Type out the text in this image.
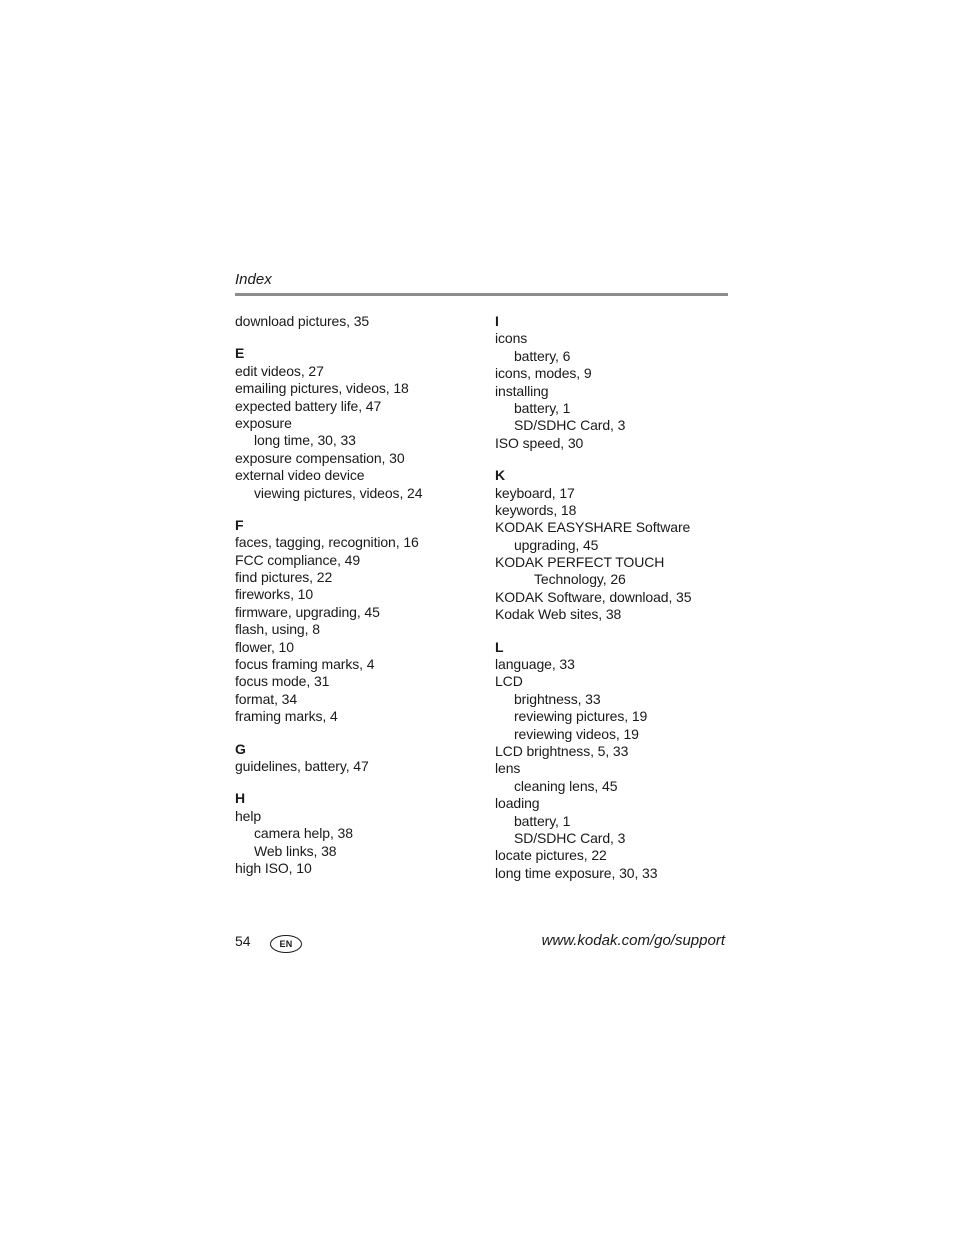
Index
download pictures, 35
E
edit videos, 27
emailing pictures, videos, 18
expected battery life, 47
exposure
long time, 30, 33
exposure compensation, 30
external video device
viewing pictures, videos, 24
F
faces, tagging, recognition, 16
FCC compliance, 49
find pictures, 22
fireworks, 10
firmware, upgrading, 45
flash, using, 8
flower, 10
focus framing marks, 4
focus mode, 31
format, 34
framing marks, 4
G
guidelines, battery, 47
H
help
camera help, 38
Web links, 38
high ISO, 10
I
icons
battery, 6
icons, modes, 9
installing
battery, 1
SD/SDHC Card, 3
ISO speed, 30
K
keyboard, 17
keywords, 18
KODAK EASYSHARE Software
upgrading, 45
KODAK PERFECT TOUCH
Technology, 26
KODAK Software, download, 35
Kodak Web sites, 38
L
language, 33
LCD
brightness, 33
reviewing pictures, 19
reviewing videos, 19
LCD brightness, 5, 33
lens
cleaning lens, 45
loading
battery, 1
SD/SDHC Card, 3
locate pictures, 22
long time exposure, 30, 33
54	EN	www.kodak.com/go/support
